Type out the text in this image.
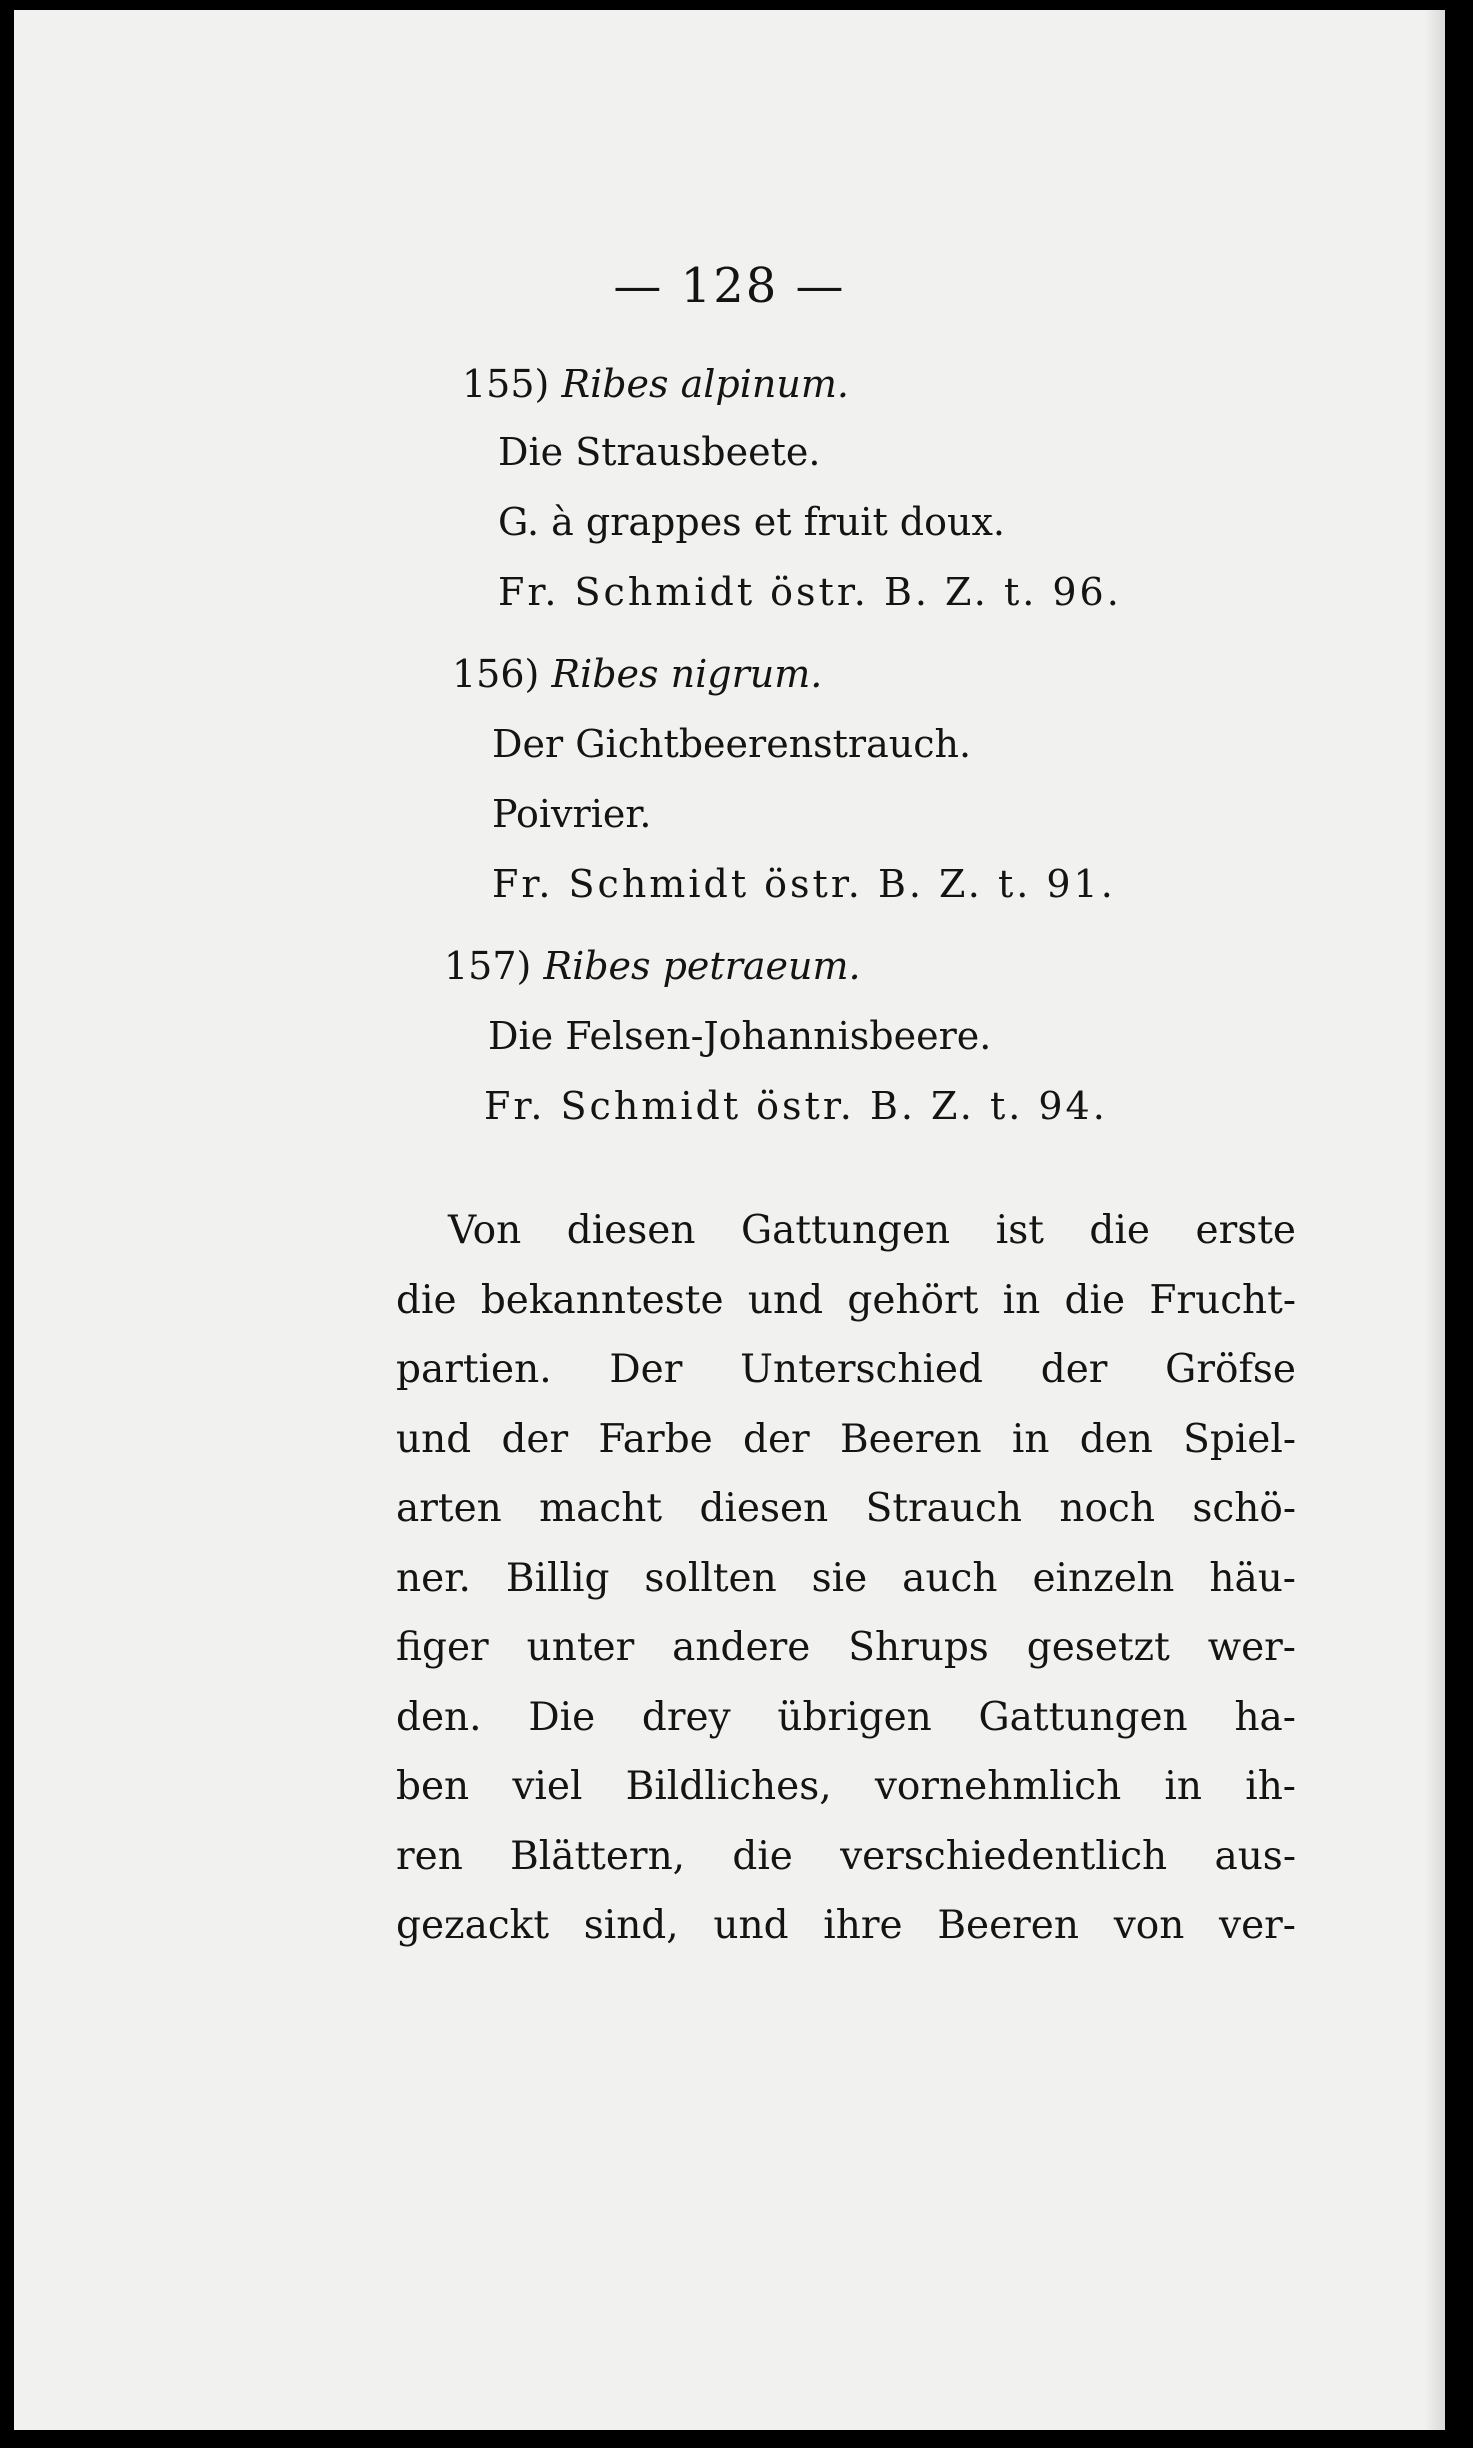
— 128 —
155) Ribes alpinum.
Die Strausbeete.
G. à grappes et fruit doux.
Fr. Schmidt östr. B. Z. t. 96.
156) Ribes nigrum.
Der Gichtbeerenstrauch.
Poivrier.
Fr. Schmidt östr. B. Z. t. 91.
157) Ribes petraeum.
Die Felsen-Johannisbeere.
Fr. Schmidt östr. B. Z. t. 94.
Von diesen Gattungen ist die erste
die bekannteste und gehört in die Frucht-
partien. Der Unterschied der Gröfse
und der Farbe der Beeren in den Spiel-
arten macht diesen Strauch noch schö-
ner. Billig sollten sie auch einzeln häu-
figer unter andere Shrups gesetzt wer-
den. Die drey übrigen Gattungen ha-
ben viel Bildliches, vornehmlich in ih-
ren Blättern, die verschiedentlich aus-
gezackt sind, und ihre Beeren von ver-
